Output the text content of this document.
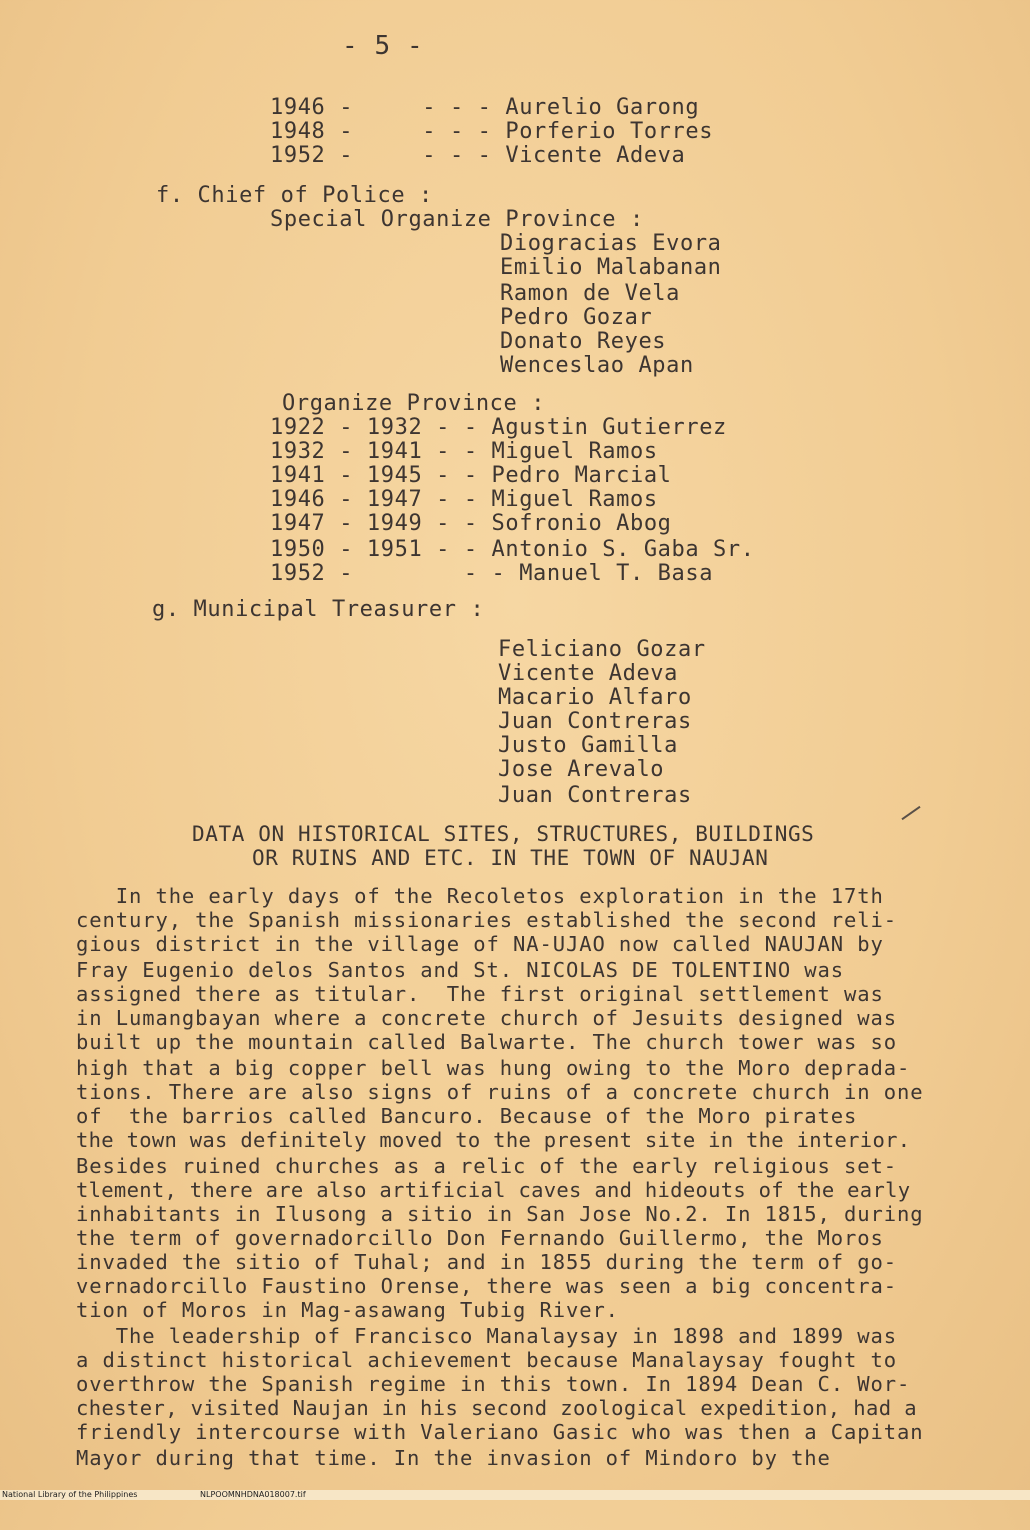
- 5 -
1946 -     - - - Aurelio Garong
1948 -     - - - Porferio Torres
1952 -     - - - Vicente Adeva
f. Chief of Police :
Special Organize Province :
Diogracias Evora
Emilio Malabanan
Ramon de Vela
Pedro Gozar
Donato Reyes
Wenceslao Apan
Organize Province :
1922 - 1932 - - Agustin Gutierrez
1932 - 1941 - - Miguel Ramos
1941 - 1945 - - Pedro Marcial
1946 - 1947 - - Miguel Ramos
1947 - 1949 - - Sofronio Abog
1950 - 1951 - - Antonio S. Gaba Sr.
1952 -        - - Manuel T. Basa
g. Municipal Treasurer :
Feliciano Gozar
Vicente Adeva
Macario Alfaro
Juan Contreras
Justo Gamilla
Jose Arevalo
Juan Contreras
DATA ON HISTORICAL SITES, STRUCTURES, BUILDINGS
OR RUINS AND ETC. IN THE TOWN OF NAUJAN
In the early days of the Recoletos exploration in the 17th
century, the Spanish missionaries established the second reli-
gious district in the village of NA-UJAO now called NAUJAN by
Fray Eugenio delos Santos and St. NICOLAS DE TOLENTINO was
assigned there as titular.  The first original settlement was
in Lumangbayan where a concrete church of Jesuits designed was
built up the mountain called Balwarte. The church tower was so
high that a big copper bell was hung owing to the Moro deprada-
tions. There are also signs of ruins of a concrete church in one
of  the barrios called Bancuro. Because of the Moro pirates
the town was definitely moved to the present site in the interior.
Besides ruined churches as a relic of the early religious set-
tlement, there are also artificial caves and hideouts of the early
inhabitants in Ilusong a sitio in San Jose No.2. In 1815, during
the term of governadorcillo Don Fernando Guillermo, the Moros
invaded the sitio of Tuhal; and in 1855 during the term of go-
vernadorcillo Faustino Orense, there was seen a big concentra-
tion of Moros in Mag-asawang Tubig River.
The leadership of Francisco Manalaysay in 1898 and 1899 was
a distinct historical achievement because Manalaysay fought to
overthrow the Spanish regime in this town. In 1894 Dean C. Wor-
chester, visited Naujan in his second zoological expedition, had a
friendly intercourse with Valeriano Gasic who was then a Capitan
Mayor during that time. In the invasion of Mindoro by the

National Library of the Philippines

	NLPOOMNHDNA018007.tif
